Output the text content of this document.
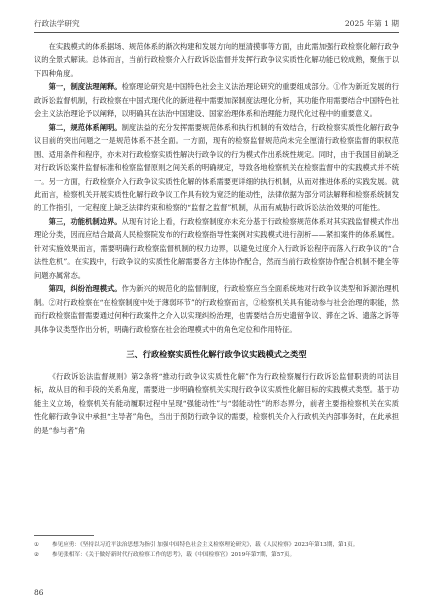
行政法学研究	2025 年第 1 期

在实践模式的体系据场、规范体系的渐次构建和发展方向的厘清摸事等方面，由此需加强行政检察化解行政争议的全景式解读。总体而言，当前行政检察介入行政诉讼监督并发挥行政争议实质性化解功能已较成熟，聚焦于以下四种角度。

第一，制度法理阐释。检察理论研究是中国特色社会主义法治理论研究的重要组成部分。①作为新近发展的行政诉讼监督机制，行政检察在中国式现代化的新进程中需要加深制度法理化分析，其功能作用需要结合中国特色社会主义法治理论予以阐释，以明确其在法治中国建设、国家治理体系和治理能力现代化过程中的重要意义。

第二，规范体系阐明。制度法益的充分发挥需要规范体系和执行机制的有效结合，行政检察实质性化解行政争议目前的突出问题之一是规范体系不甚全面。一方面，现有的检察监督规范尚未完全厘清行政检察监督的职权范围、适用条件和程序，亦未对行政检察实质性解决行政争议的行为模式作出系统性规定。同时，由于我国目前缺乏对行政诉讼案件监督标准和检察监督原则之间关系的明确规定，导致各地检察机关在检察监督中的实践模式并不统一。另一方面，行政检察介入行政争议实质性化解的体系需要更详细的执行机制，从而对推进体系的实践发展。就此而言，检察机关开展实质性化解行政争议工作具有较为宽泛的能动性，法律依据为部分司法解释和检察系统制发的工作指引，一定程度上缺乏法律约束和检察的“监督之监督”机制，从而有威胁行政诉讼法治效果的可能性。

第三，功能机制边界。从现有讨论上看，行政检察制度亦未充分基于行政检察规范体系对其实践监督模式作出理论分类，因而应结合最高人民检察院发布的行政检察指导性案例对实践模式进行剖析——紧扣案件的体系属性。针对实施效果而言，需要明确行政检察监督机制的权力边界，以避免过度介入行政诉讼程序而落入行政争议的“合法性危机”。在实践中，行政争议的实质性化解需要各方主体协作配合，然而当前行政检察协作配合机制不健全等问题亦属常态。

第四，纠纷治理模式。作为新兴的规范化的监督制度，行政检察应当全面系统地对行政争议类型和诉源治理机制。②对行政检察在“在检察制度中处于薄弱环节”的行政检察而言，②检察机关具有能动参与社会治理的职能，然而行政检察监督需要通过何种行政案件之介入以实现纠纷治理，也需要结合历史遗留争议、滞在之诉、遗落之诉等具体争议类型作出分析，明确行政检察在社会治理模式中的角色定位和作用特征。

三、行政检察实质性化解行政争议实践模式之类型

《行政诉讼法监督规则》第2条将“推动行政争议实质性化解”作为行政检察履行行政诉讼监督职责的司法目标，故从目的和手段的关系角度，需要进一步明确检察机关实现行政争议实质性化解目标的实践模式类型。基于功能主义立场，检察机关有能动履职过程中呈现“强能动性”与“弱能动性”的形态界分，前者主要指检察机关在实质性化解行政争议中承担“主导者”角色，当出于预防行政争议的需要，检察机关介入行政机关内部事务时，在此承担的是“参与者”角

① 参见应勇：《坚持以习近平法治思想为指引 加强中国特色社会主义检察理论研究》，载《人民检察》2023年第13期，第1页。

② 参见张相军：《关于做好新时代行政检察工作的思考》，载《中国检察官》2019年第7期，第57页。

86
